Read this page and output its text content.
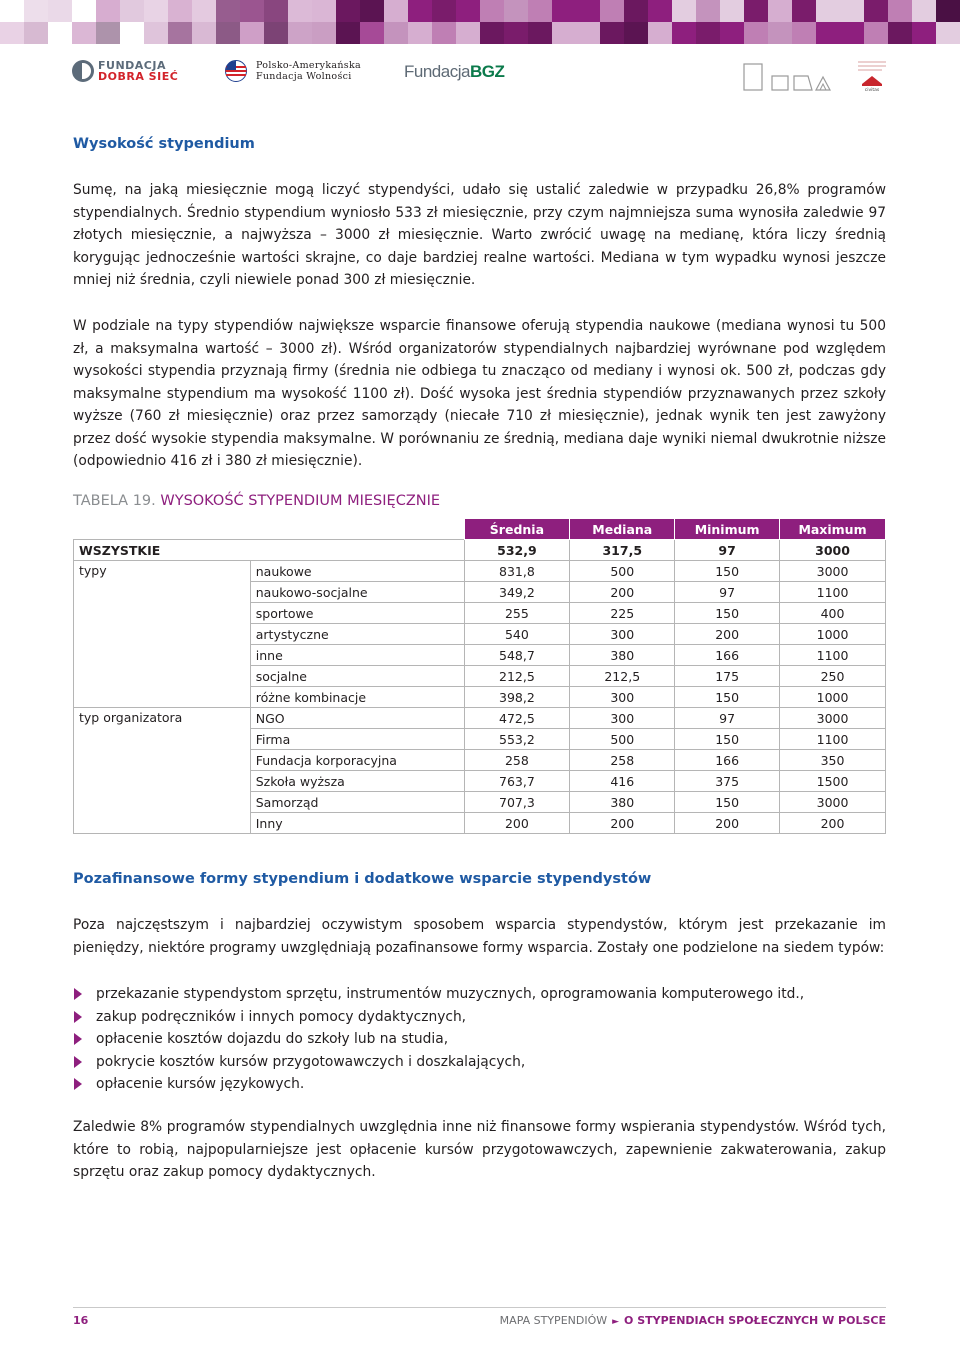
FUNDACJA
DOBRA SIEĆ
Polsko-Amerykańska
Fundacja Wolności	FundacjaBGZ
civitas
Wysokość stypendium

Sumę, na jaką miesięcznie mogą liczyć stypendyści, udało się ustalić zaledwie w przypadku 26,8% programów stypendialnych. Średnio stypendium wyniosło 533 zł miesięcznie, przy czym najmniejsza suma wynosiła zaledwie 97 złotych miesięcznie, a najwyższa – 3000 zł miesięcznie. Warto zwrócić uwagę na medianę, która liczy średnią korygując jednocześnie wartości skrajne, co daje bardziej realne wartości. Mediana w tym wypadku wynosi jeszcze mniej niż średnia, czyli niewiele ponad 300 zł miesięcznie.

W podziale na typy stypendiów największe wsparcie finansowe oferują stypendia naukowe (mediana wynosi tu 500 zł, a maksymalna wartość – 3000 zł). Wśród organizatorów stypendialnych najbardziej wyrównane pod względem wysokości stypendia przyznają firmy (średnia nie odbiega tu znacząco od mediany i wynosi ok. 500 zł, podczas gdy maksymalne stypendium ma wysokość 1100 zł). Dość wysoka jest średnia stypendiów przyznawanych przez szkoły wyższe (760 zł miesięcznie) oraz przez samorządy (niecałe 710 zł miesięcznie), jednak wynik ten jest zawyżony przez dość wysokie stypendia maksymalne. W porównaniu ze średnią, mediana daje wyniki niemal dwukrotnie niższe (odpowiednio 416 zł i 380 zł miesięcznie).

TABELA 19. WYSOKOŚĆ STYPENDIUM MIESIĘCZNIE
		Średnia	Mediana	Minimum	Maximum
WSZYSTKIE		532,9	317,5	97	3000
typy	naukowe	831,8	500	150	3000
	naukowo-socjalne	349,2	200	97	1100
	sportowe	255	225	150	400
	artystyczne	540	300	200	1000
	inne	548,7	380	166	1100
	socjalne	212,5	212,5	175	250
	różne kombinacje	398,2	300	150	1000
typ organizatora	NGO	472,5	300	97	3000
	Firma	553,2	500	150	1100
	Fundacja korporacyjna	258	258	166	350
	Szkoła wyższa	763,7	416	375	1500
	Samorząd	707,3	380	150	3000
	Inny	200	200	200	200
Pozafinansowe formy stypendium i dodatkowe wsparcie stypendystów

Poza najczęstszym i najbardziej oczywistym sposobem wsparcia stypendystów, którym jest przekazanie im pieniędzy, niektóre programy uwzględniają pozafinansowe formy wsparcia. Zostały one podzielone na siedem typów:

przekazanie stypendystom sprzętu, instrumentów muzycznych, oprogramowania komputerowego itd.,
zakup podręczników i innych pomocy dydaktycznych,
opłacenie kosztów dojazdu do szkoły lub na studia,
pokrycie kosztów kursów przygotowawczych i doszkalających,
opłacenie kursów językowych.

Zaledwie 8% programów stypendialnych uwzględnia inne niż finansowe formy wspierania stypendystów. Wśród tych, które to robią, najpopularniejsze jest opłacenie kursów przygotowawczych, zapewnienie zakwaterowania, zakup sprzętu oraz zakup pomocy dydaktycznych.

16	MAPA STYPENDIÓW ► O STYPENDIACH SPOŁECZNYCH W POLSCE
